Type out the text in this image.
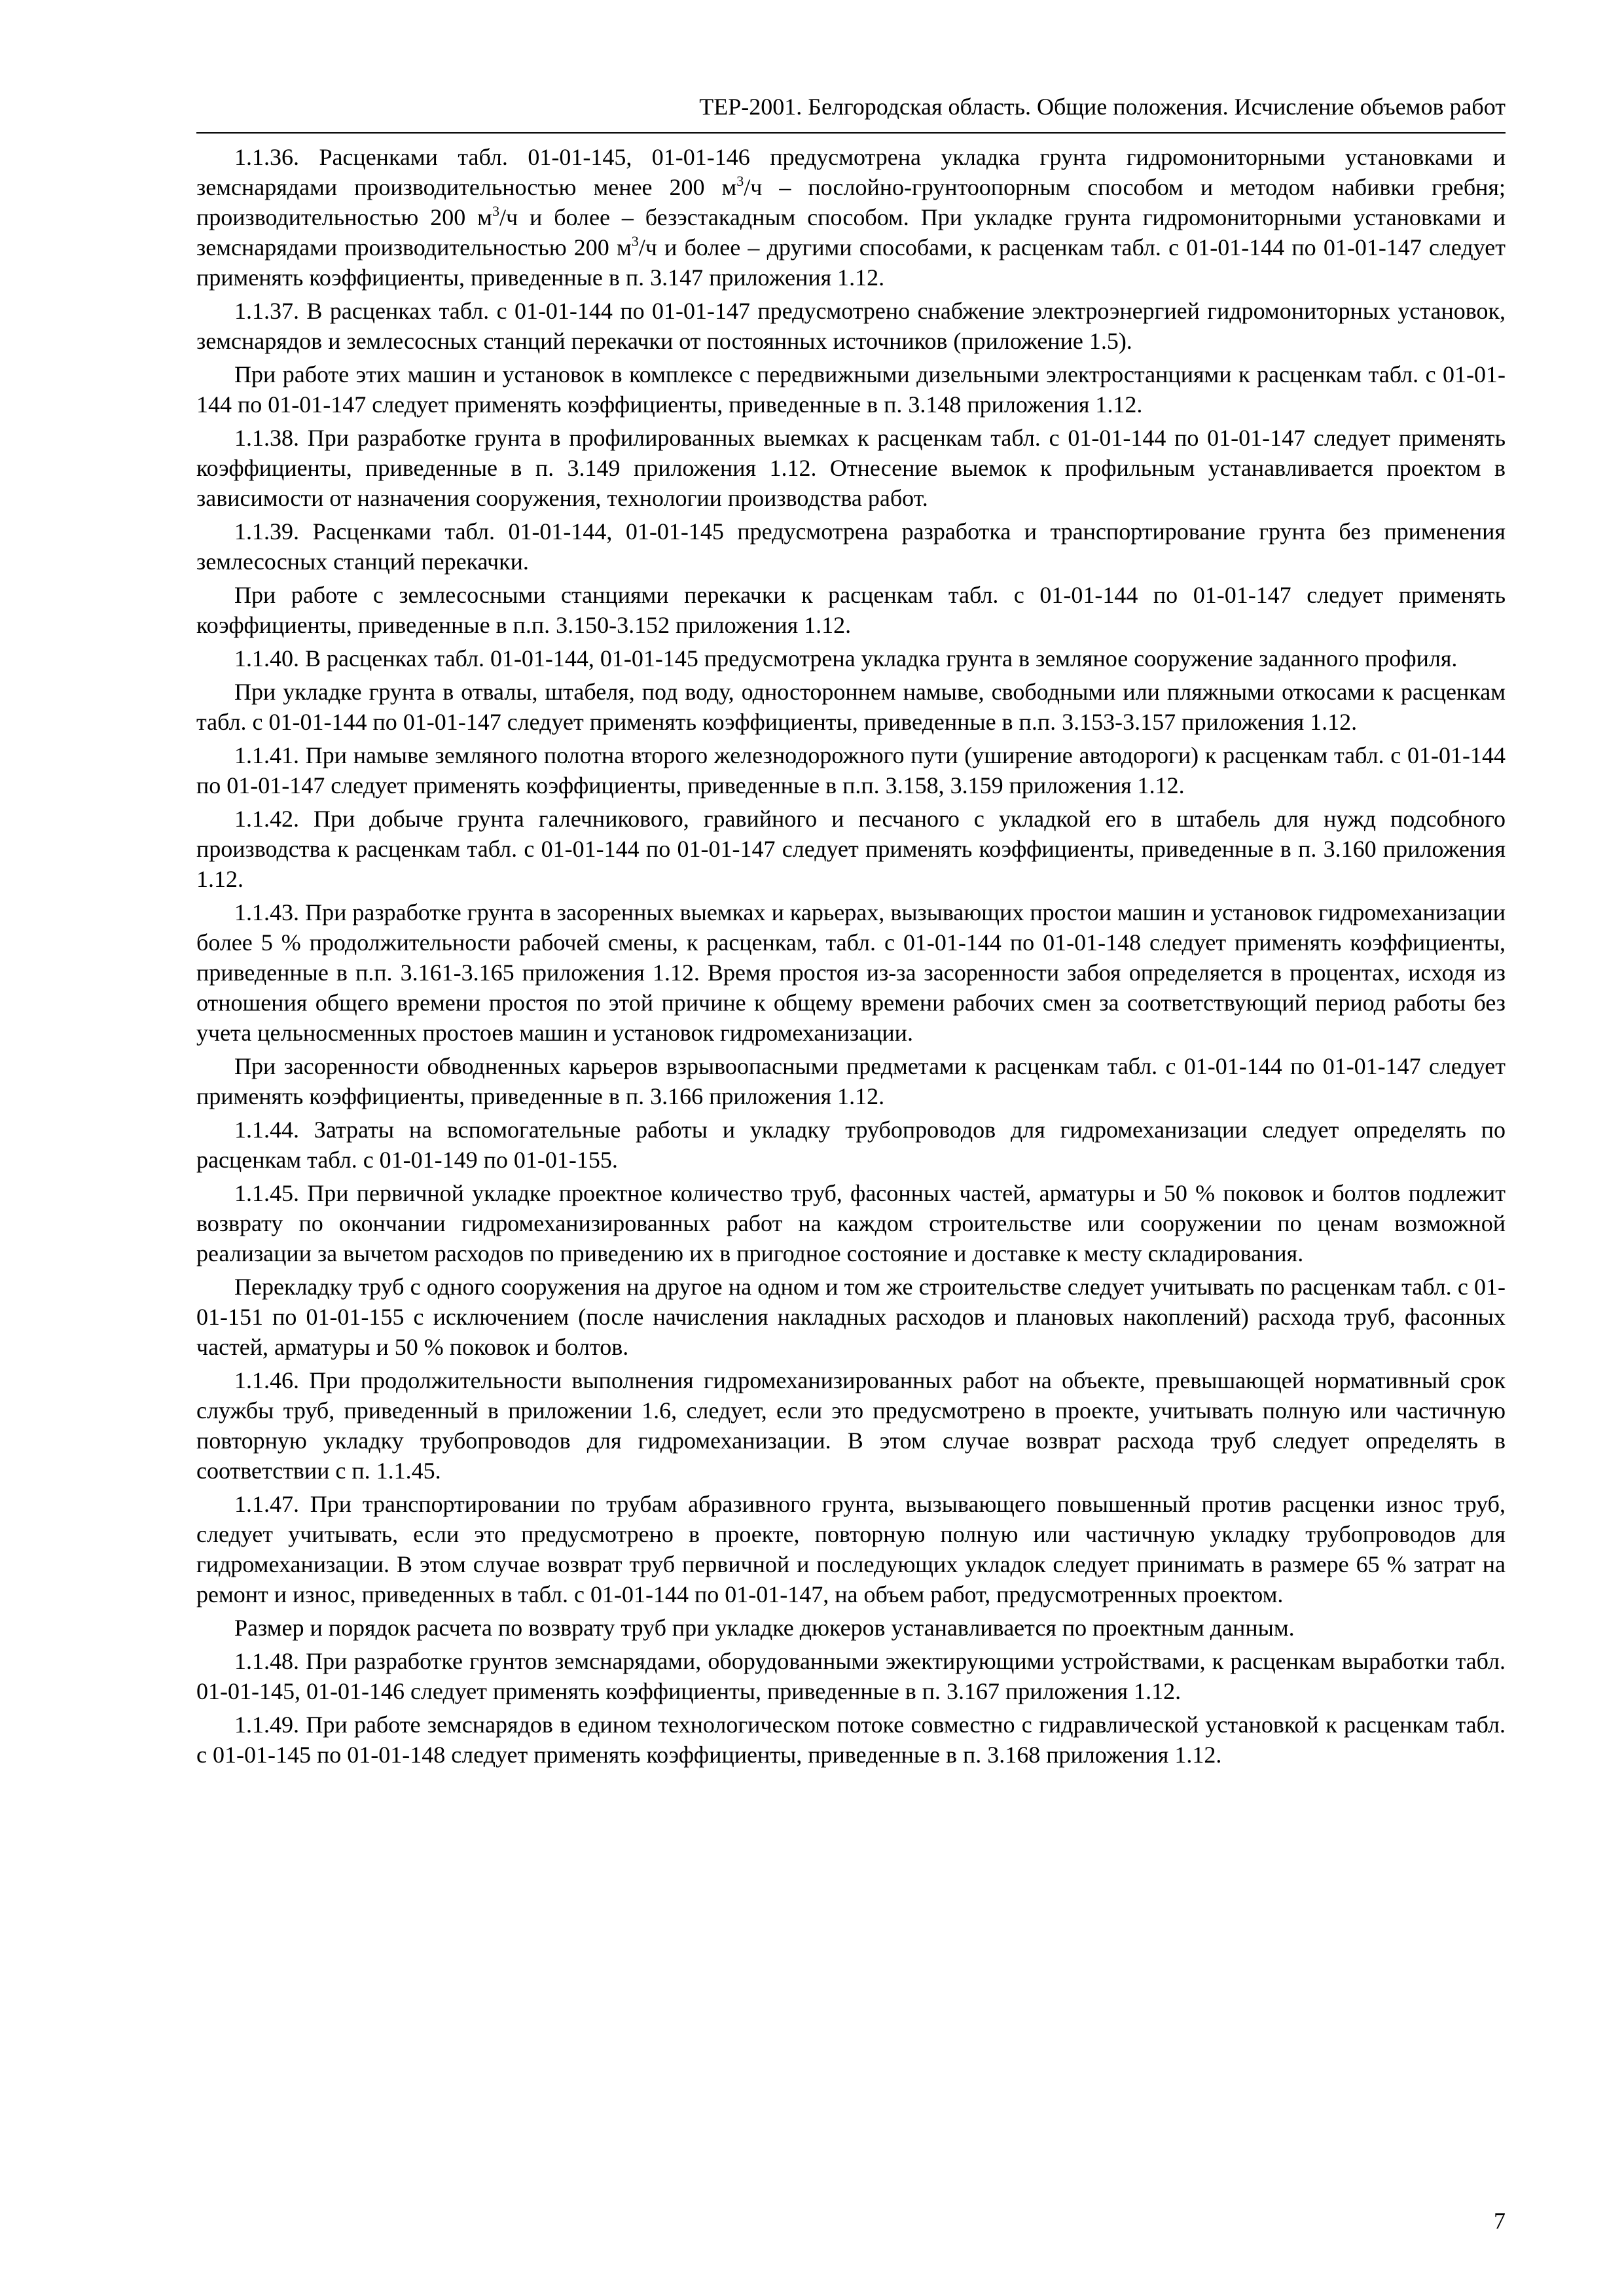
ТЕР-2001. Белгородская область. Общие положения. Исчисление объемов работ

1.1.36. Расценками табл. 01-01-145, 01-01-146 предусмотрена укладка грунта гидромониторными установками и земснарядами производительностью менее 200 $м^3/ч$ – послойно-грунтоопорным способом и методом набивки гребня; производительностью 200 $м^3/ч$ и более – безэстакадным способом. При укладке грунта гидромониторными установками и земснарядами производительностью 200 $м^3/ч$ и более – другими способами, к расценкам табл. с 01-01-144 по 01-01-147 следует применять коэффициенты, приведенные в п. 3.147 приложения 1.12.

1.1.37. В расценках табл. с 01-01-144 по 01-01-147 предусмотрено снабжение электроэнергией гидромониторных установок, земснарядов и землесосных станций перекачки от постоянных источников (приложение 1.5).

При работе этих машин и установок в комплексе с передвижными дизельными электростанциями к расценкам табл. с 01-01-144 по 01-01-147 следует применять коэффициенты, приведенные в п. 3.148 приложения 1.12.

1.1.38. При разработке грунта в профилированных выемках к расценкам табл. с 01-01-144 по 01-01-147 следует применять коэффициенты, приведенные в п. 3.149 приложения 1.12. Отнесение выемок к профильным устанавливается проектом в зависимости от назначения сооружения, технологии производства работ.

1.1.39. Расценками табл. 01-01-144, 01-01-145 предусмотрена разработка и транспортирование грунта без применения землесосных станций перекачки.

При работе с землесосными станциями перекачки к расценкам табл. с 01-01-144 по 01-01-147 следует применять коэффициенты, приведенные в п.п. 3.150-3.152 приложения 1.12.

1.1.40. В расценках табл. 01-01-144, 01-01-145 предусмотрена укладка грунта в земляное сооружение заданного профиля.

При укладке грунта в отвалы, штабеля, под воду, одностороннем намыве, свободными или пляжными откосами к расценкам табл. с 01-01-144 по 01-01-147 следует применять коэффициенты, приведенные в п.п. 3.153-3.157 приложения 1.12.

1.1.41. При намыве земляного полотна второго железнодорожного пути (уширение автодороги) к расценкам табл. с 01-01-144 по 01-01-147 следует применять коэффициенты, приведенные в п.п. 3.158, 3.159 приложения 1.12.

1.1.42. При добыче грунта галечникового, гравийного и песчаного с укладкой его в штабель для нужд подсобного производства к расценкам табл. с 01-01-144 по 01-01-147 следует применять коэффициенты, приведенные в п. 3.160 приложения 1.12.

1.1.43. При разработке грунта в засоренных выемках и карьерах, вызывающих простои машин и установок гидромеханизации более 5 % продолжительности рабочей смены, к расценкам, табл. с 01-01-144 по 01-01-148 следует применять коэффициенты, приведенные в п.п. 3.161-3.165 приложения 1.12. Время простоя из-за засоренности забоя определяется в процентах, исходя из отношения общего времени простоя по этой причине к общему времени рабочих смен за соответствующий период работы без учета цельносменных простоев машин и установок гидромеханизации.

При засоренности обводненных карьеров взрывоопасными предметами к расценкам табл. с 01-01-144 по 01-01-147 следует применять коэффициенты, приведенные в п. 3.166 приложения 1.12.

1.1.44. Затраты на вспомогательные работы и укладку трубопроводов для гидромеханизации следует определять по расценкам табл. с 01-01-149 по 01-01-155.

1.1.45. При первичной укладке проектное количество труб, фасонных частей, арматуры и 50 % поковок и болтов подлежит возврату по окончании гидромеханизированных работ на каждом строительстве или сооружении по ценам возможной реализации за вычетом расходов по приведению их в пригодное состояние и доставке к месту складирования.

Перекладку труб с одного сооружения на другое на одном и том же строительстве следует учитывать по расценкам табл. с 01-01-151 по 01-01-155 с исключением (после начисления накладных расходов и плановых накоплений) расхода труб, фасонных частей, арматуры и 50 % поковок и болтов.

1.1.46. При продолжительности выполнения гидромеханизированных работ на объекте, превышающей нормативный срок службы труб, приведенный в приложении 1.6, следует, если это предусмотрено в проекте, учитывать полную или частичную повторную укладку трубопроводов для гидромеханизации. В этом случае возврат расхода труб следует определять в соответствии с п. 1.1.45.

1.1.47. При транспортировании по трубам абразивного грунта, вызывающего повышенный против расценки износ труб, следует учитывать, если это предусмотрено в проекте, повторную полную или частичную укладку трубопроводов для гидромеханизации. В этом случае возврат труб первичной и последующих укладок следует принимать в размере 65 % затрат на ремонт и износ, приведенных в табл. с 01-01-144 по 01-01-147, на объем работ, предусмотренных проектом.

Размер и порядок расчета по возврату труб при укладке дюкеров устанавливается по проектным данным.

1.1.48. При разработке грунтов земснарядами, оборудованными эжектирующими устройствами, к расценкам выработки табл. 01-01-145, 01-01-146 следует применять коэффициенты, приведенные в п. 3.167 приложения 1.12.

1.1.49. При работе земснарядов в едином технологическом потоке совместно с гидравлической установкой к расценкам табл. с 01-01-145 по 01-01-148 следует применять коэффициенты, приведенные в п. 3.168 приложения 1.12.

7
